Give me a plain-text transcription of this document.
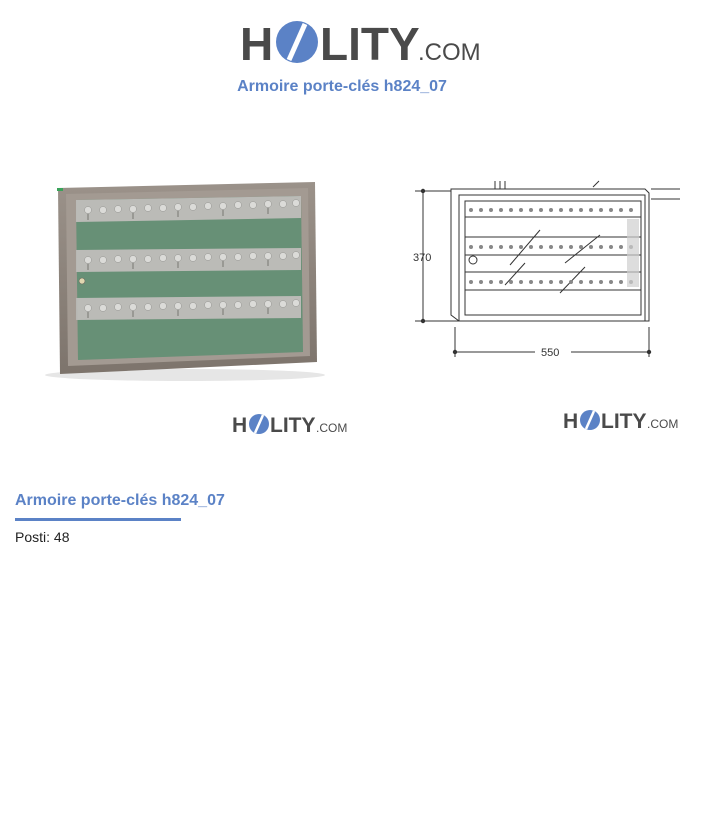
H LITY
.COM
Armoire porte-clés h824_07
370
550
H LITY .COM	H LITY .COM
Armoire porte-clés h824_07
Posti: 48
